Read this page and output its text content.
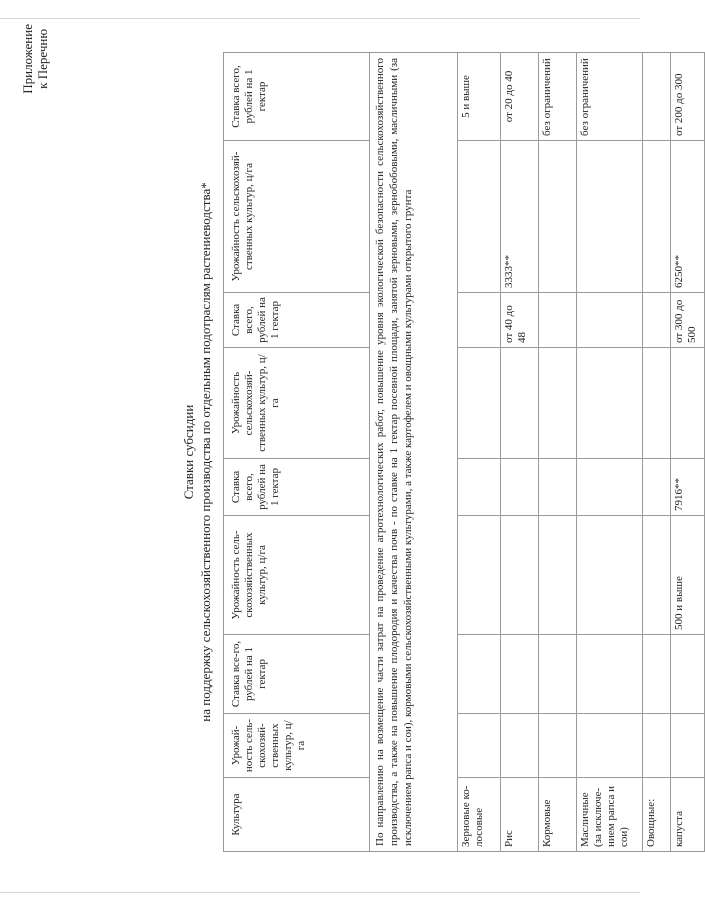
Приложение к Перечню
Ставки субсидии на поддержку сельскохозяйственного производства по отдельным подотраслям растениеводства*
Культура	Урожай-ность сель-скохозяй-ственных культур, ц/га	Ставка все-го, рублей на 1 гектар	Урожайность сель-скохозяйственных культур, ц/га	Ставка всего, рублей на 1 гектар	Урожайность сельскохозяй-ственных культур, ц/га	Ставка всего, рублей на 1 гектар	Урожайность сельскохозяй-ственных культур, ц/га	Ставка всего, рублей на 1 гектар	
По направлению на возмещение части затрат на проведение агротехнологических работ, повышение уровня экологической безопасности сельскохозяйственного производства, а также на повышение плодородия и качества почв - по ставке на 1 гектар посевной площади, занятой зерновыми, зернобобовыми, масличными (за исключением рапса и сои), кормовыми сельскохозяйственными культурами, а также картофелем и овощными культурами открытого грунта									
Зерновые ко-лосовые								5 и выше	
Рис						от 40 до 48	3333**	от 20 до 40	
Кормовые								без ограничений	
Масличные (за исключе-нием рапса и сои)								без ограничений	
Овощные:									
капуста			500 и выше	7916**		от 300 до 500	6250**	от 200 до 300	
